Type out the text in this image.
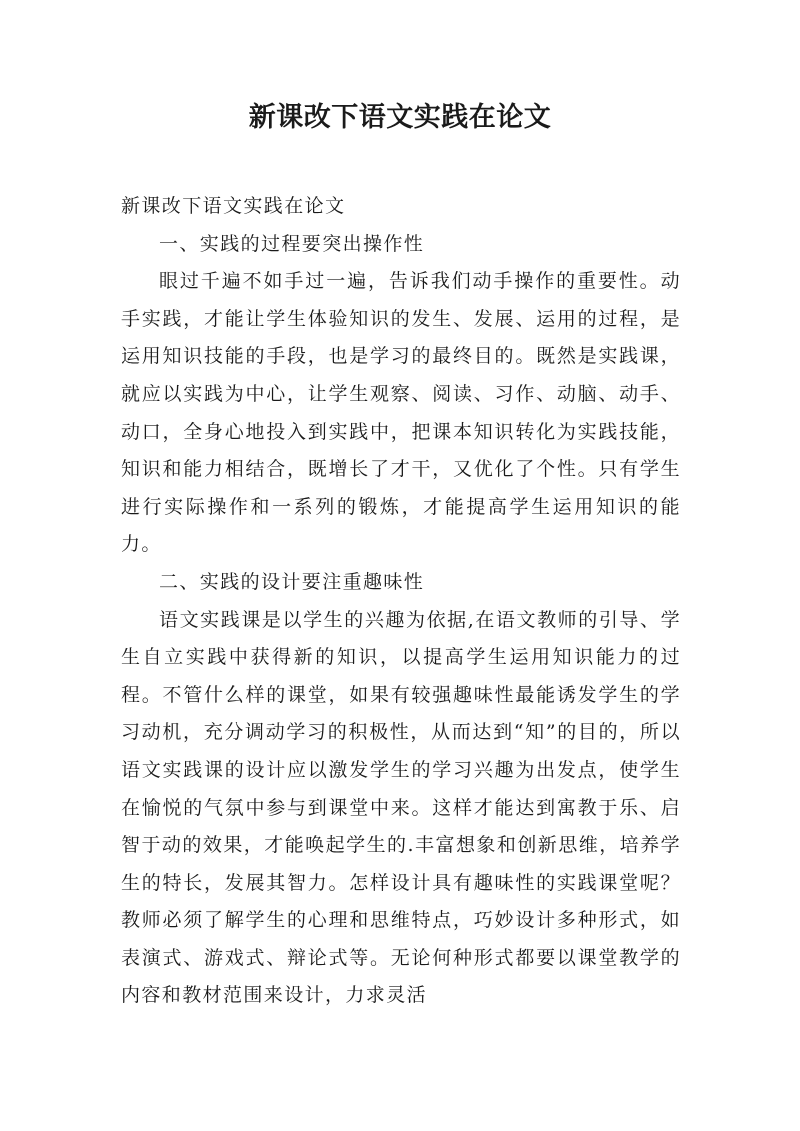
新课改下语文实践在论文

新课改下语文实践在论文

一、实践的过程要突出操作性

眼过千遍不如手过一遍，告诉我们动手操作的重要性。动手实践，才能让学生体验知识的发生、发展、运用的过程，是运用知识技能的手段，也是学习的最终目的。既然是实践课，就应以实践为中心，让学生观察、阅读、习作、动脑、动手、动口，全身心地投入到实践中，把课本知识转化为实践技能，知识和能力相结合，既增长了才干，又优化了个性。只有学生进行实际操作和一系列的锻炼，才能提高学生运用知识的能力。

二、实践的设计要注重趣味性

语文实践课是以学生的兴趣为依据,在语文教师的引导、学生自立实践中获得新的知识，以提高学生运用知识能力的过程。不管什么样的课堂，如果有较强趣味性最能诱发学生的学习动机，充分调动学习的积极性，从而达到“知”的目的，所以语文实践课的设计应以激发学生的学习兴趣为出发点，使学生在愉悦的气氛中参与到课堂中来。这样才能达到寓教于乐、启智于动的效果，才能唤起学生的.丰富想象和创新思维，培养学生的特长，发展其智力。怎样设计具有趣味性的实践课堂呢？教师必须了解学生的心理和思维特点，巧妙设计多种形式，如表演式、游戏式、辩论式等。无论何种形式都要以课堂教学的内容和教材范围来设计，力求灵活
